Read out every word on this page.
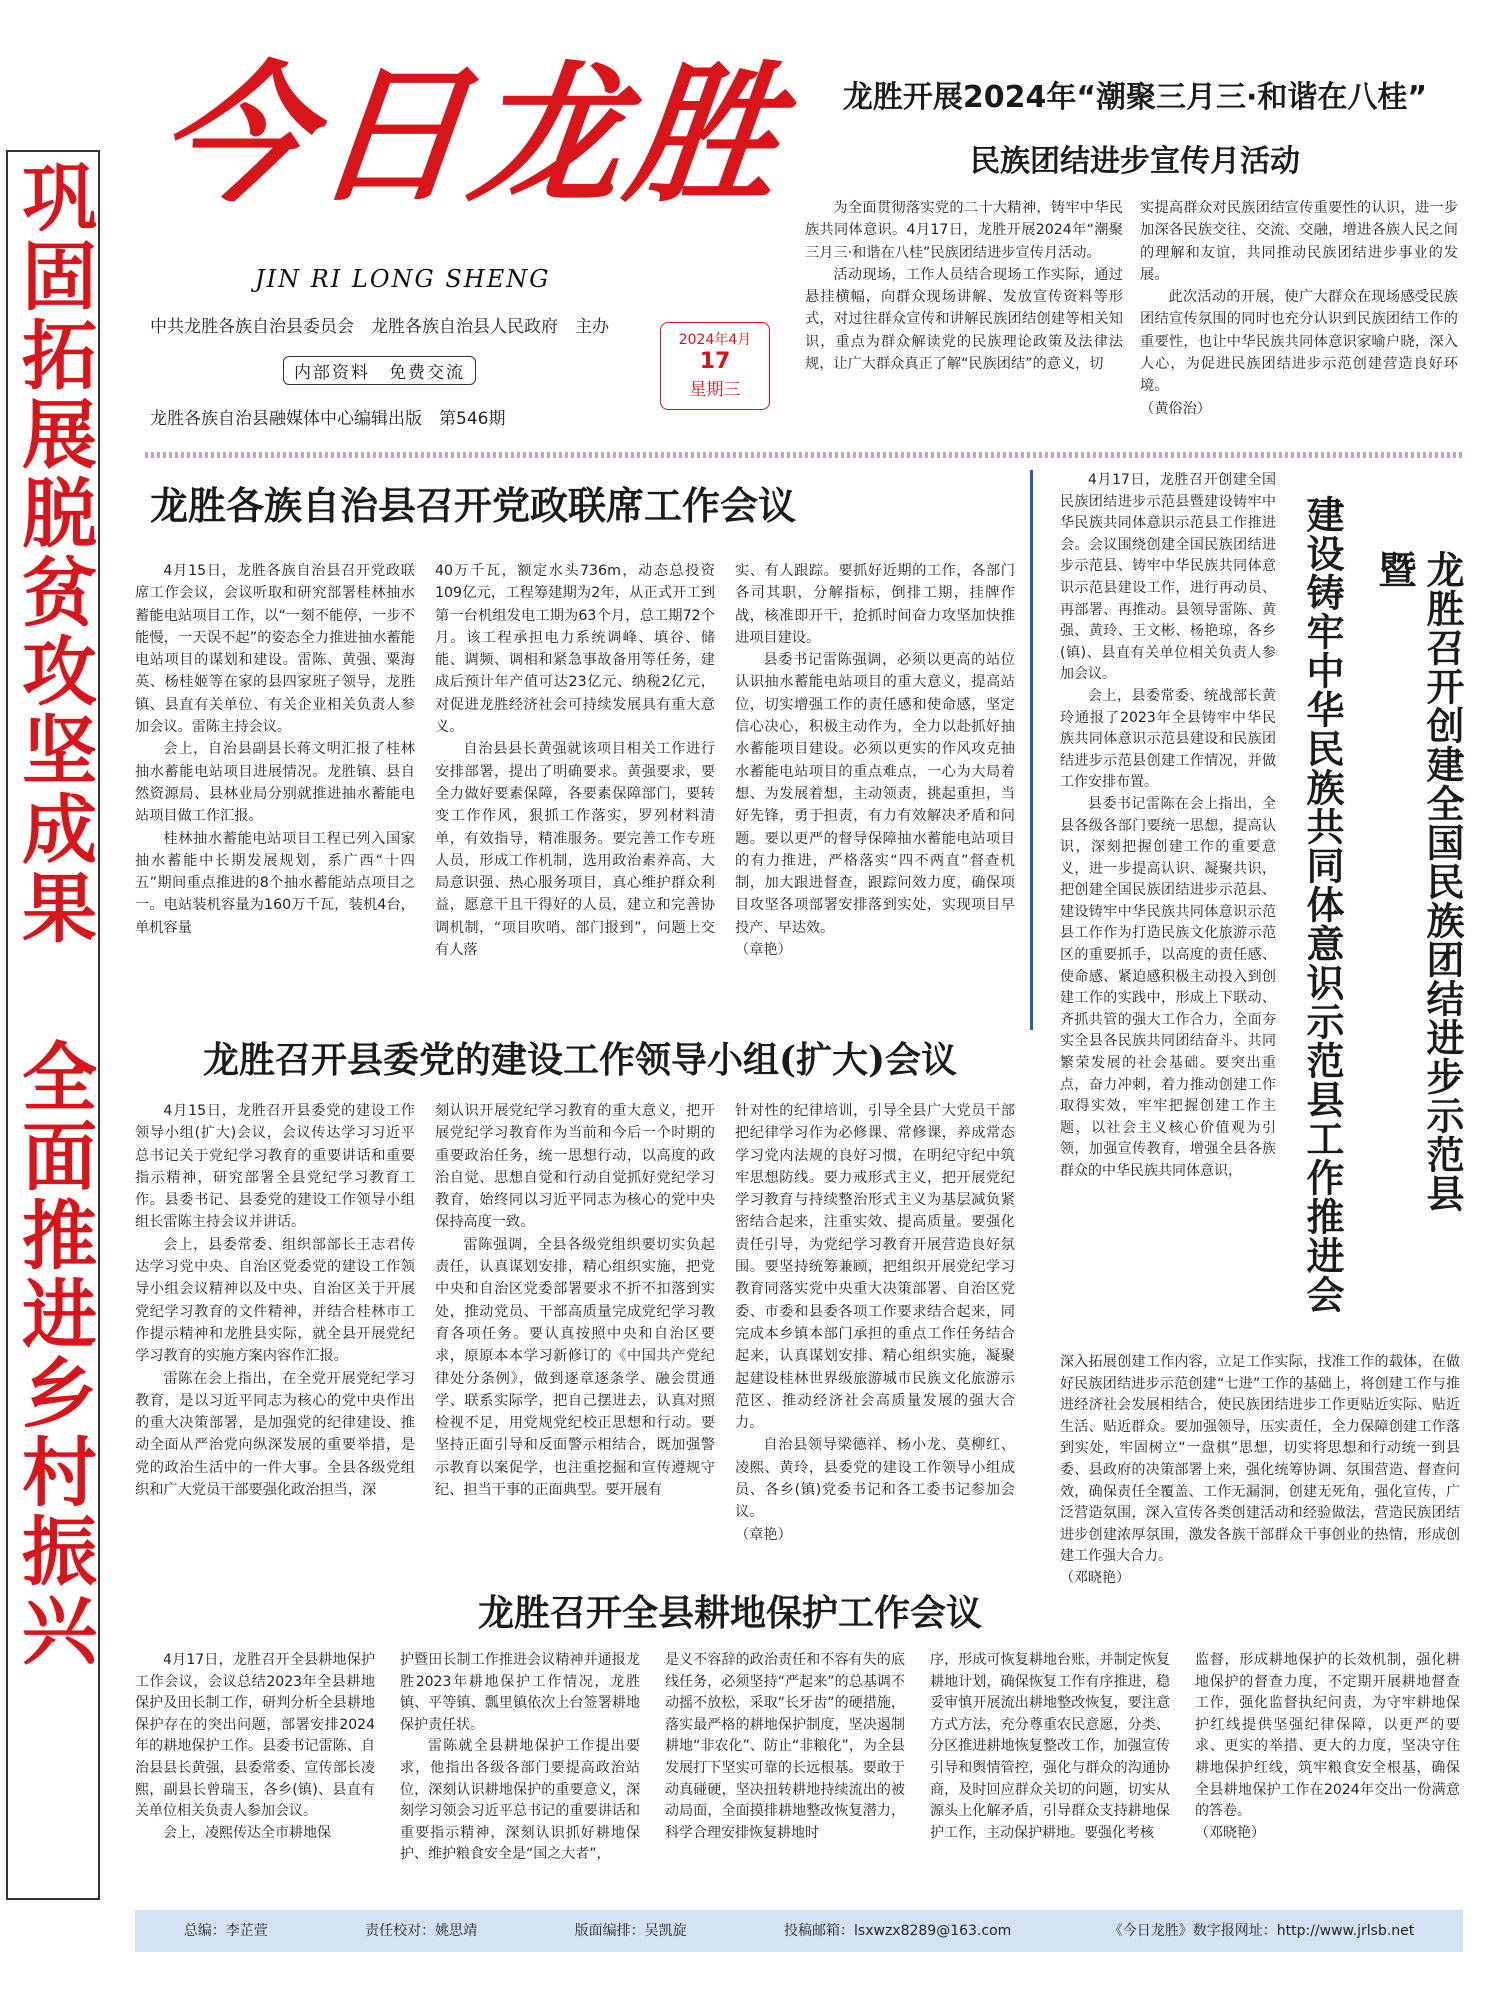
巩固拓展脱贫攻坚成果
全面推进乡村振兴
今日龙胜
JIN RI LONG SHENG
中共龙胜各族自治县委员会　龙胜各族自治县人民政府　主办
内部资料　免费交流
龙胜各族自治县融媒体中心编辑出版　第546期
2024年4月
17
星期三
龙胜开展2024年“潮聚三月三·和谐在八桂”
民族团结进步宣传月活动

为全面贯彻落实党的二十大精神，铸牢中华民族共同体意识。4月17日，龙胜开展2024年“潮聚三月三·和谐在八桂”民族团结进步宣传月活动。

活动现场，工作人员结合现场工作实际，通过悬挂横幅，向群众现场讲解、发放宣传资料等形式，对过往群众宣传和讲解民族团结创建等相关知识，重点为群众解读党的民族理论政策及法律法规，让广大群众真正了解“民族团结”的意义，切

实提高群众对民族团结宣传重要性的认识，进一步加深各民族交往、交流、交融，增进各族人民之间的理解和友谊，共同推动民族团结进步事业的发展。

此次活动的开展，使广大群众在现场感受民族团结宣传氛围的同时也充分认识到民族团结工作的重要性，也让中华民族共同体意识家喻户晓，深入人心，为促进民族团结进步示范创建营造良好环境。

（黄俗治）
龙胜各族自治县召开党政联席工作会议

4月15日，龙胜各族自治县召开党政联席工作会议，会议听取和研究部署桂林抽水蓄能电站项目工作，以“一刻不能停，一步不能慢，一天误不起”的姿态全力推进抽水蓄能电站项目的谋划和建设。雷陈、黄强、粟海英、杨桂姬等在家的县四家班子领导，龙胜镇、县直有关单位、有关企业相关负责人参加会议。雷陈主持会议。

会上，自治县副县长蒋文明汇报了桂林抽水蓄能电站项目进展情况。龙胜镇、县自然资源局、县林业局分别就推进抽水蓄能电站项目做工作汇报。

桂林抽水蓄能电站项目工程已列入国家抽水蓄能中长期发展规划，系广西“十四五”期间重点推进的8个抽水蓄能站点项目之一。电站装机容量为160万千瓦，装机4台，单机容量

40万千瓦，额定水头736m，动态总投资109亿元，工程筹建期为2年，从正式开工到第一台机组发电工期为63个月，总工期72个月。该工程承担电力系统调峰、填谷、储能、调频、调相和紧急事故备用等任务，建成后预计年产值可达23亿元、纳税2亿元，对促进龙胜经济社会可持续发展具有重大意义。

自治县县长黄强就该项目相关工作进行安排部署，提出了明确要求。黄强要求，要全力做好要素保障，各要素保障部门，要转变工作作风，狠抓工作落实，罗列材料清单，有效指导，精准服务。要完善工作专班人员，形成工作机制，选用政治素养高、大局意识强、热心服务项目，真心维护群众利益，愿意干且干得好的人员，建立和完善协调机制，“项目吹哨、部门报到”，问题上交有人落

实、有人跟踪。要抓好近期的工作，各部门各司其职，分解指标，倒排工期，挂牌作战，核准即开干，抢抓时间奋力攻坚加快推进项目建设。

县委书记雷陈强调，必须以更高的站位认识抽水蓄能电站项目的重大意义，提高站位，切实增强工作的责任感和使命感，坚定信心决心，积极主动作为，全力以赴抓好抽水蓄能项目建设。必须以更实的作风攻克抽水蓄能电站项目的重点难点，一心为大局着想、为发展着想，主动领责，挑起重担，当好先锋，勇于担责，有力有效解决矛盾和问题。要以更严的督导保障抽水蓄能电站项目的有力推进，严格落实“四不两直”督查机制，加大跟进督查，跟踪问效力度，确保项目攻坚各项部署安排落到实处，实现项目早投产、早达效。

（章艳）

4月17日，龙胜召开创建全国民族团结进步示范县暨建设铸牢中华民族共同体意识示范县工作推进会。会议围绕创建全国民族团结进步示范县、铸牢中华民族共同体意识示范县建设工作，进行再动员、再部署、再推动。县领导雷陈、黄强、黄玲、王文彬、杨艳琼，各乡(镇)、县直有关单位相关负责人参加会议。

会上，县委常委、统战部长黄玲通报了2023年全县铸牢中华民族共同体意识示范县建设和民族团结进步示范县创建工作情况，并做工作安排布置。

县委书记雷陈在会上指出，全县各级各部门要统一思想，提高认识，深刻把握创建工作的重要意义，进一步提高认识、凝聚共识，把创建全国民族团结进步示范县、建设铸牢中华民族共同体意识示范县工作作为打造民族文化旅游示范区的重要抓手，以高度的责任感、使命感、紧迫感积极主动投入到创建工作的实践中，形成上下联动、齐抓共管的强大工作合力，全面夯实全县各民族共同团结奋斗、共同繁荣发展的社会基础。要突出重点，奋力冲刺，着力推动创建工作取得实效，牢牢把握创建工作主题，以社会主义核心价值观为引领，加强宣传教育，增强全县各族群众的中华民族共同体意识，	建设铸牢中华民族共同体意识示范县工作推进会	龙胜召开创建全国民族团结进步示范县暨

深入拓展创建工作内容，立足工作实际，找准工作的载体，在做好民族团结进步示范创建“七进”工作的基础上，将创建工作与推进经济社会发展相结合，使民族团结进步工作更贴近实际、贴近生活、贴近群众。要加强领导，压实责任，全力保障创建工作落到实处，牢固树立“一盘棋”思想，切实将思想和行动统一到县委、县政府的决策部署上来，强化统筹协调、氛围营造、督查问效，确保责任全覆盖、工作无漏洞，创建无死角，强化宣传，广泛营造氛围，深入宣传各类创建活动和经验做法，营造民族团结进步创建浓厚氛围，激发各族干部群众干事创业的热情，形成创建工作强大合力。

（邓晓艳）
龙胜召开县委党的建设工作领导小组(扩大)会议

4月15日，龙胜召开县委党的建设工作领导小组(扩大)会议，会议传达学习习近平总书记关于党纪学习教育的重要讲话和重要指示精神，研究部署全县党纪学习教育工作。县委书记、县委党的建设工作领导小组组长雷陈主持会议并讲话。

会上，县委常委、组织部部长王志君传达学习党中央、自治区党委党的建设工作领导小组会议精神以及中央、自治区关于开展党纪学习教育的文件精神，并结合桂林市工作提示精神和龙胜县实际，就全县开展党纪学习教育的实施方案内容作汇报。

雷陈在会上指出，在全党开展党纪学习教育，是以习近平同志为核心的党中央作出的重大决策部署，是加强党的纪律建设、推动全面从严治党向纵深发展的重要举措，是党的政治生活中的一件大事。全县各级党组织和广大党员干部要强化政治担当，深

刻认识开展党纪学习教育的重大意义，把开展党纪学习教育作为当前和今后一个时期的重要政治任务，统一思想行动，以高度的政治自觉、思想自觉和行动自觉抓好党纪学习教育，始终同以习近平同志为核心的党中央保持高度一致。

雷陈强调，全县各级党组织要切实负起责任，认真谋划安排，精心组织实施，把党中央和自治区党委部署要求不折不扣落到实处，推动党员、干部高质量完成党纪学习教育各项任务。要认真按照中央和自治区要求，原原本本学习新修订的《中国共产党纪律处分条例》，做到逐章逐条学、融会贯通学、联系实际学，把自己摆进去，认真对照检视不足，用党规党纪校正思想和行动。要坚持正面引导和反面警示相结合，既加强警示教育以案促学，也注重挖掘和宣传遵规守纪、担当干事的正面典型。要开展有

针对性的纪律培训，引导全县广大党员干部把纪律学习作为必修课、常修课，养成常态学习党内法规的良好习惯，在明纪守纪中筑牢思想防线。要力戒形式主义，把开展党纪学习教育与持续整治形式主义为基层减负紧密结合起来，注重实效、提高质量。要强化责任引导，为党纪学习教育开展营造良好氛围。要坚持统筹兼顾，把组织开展党纪学习教育同落实党中央重大决策部署、自治区党委、市委和县委各项工作要求结合起来，同完成本乡镇本部门承担的重点工作任务结合起来，认真谋划安排、精心组织实施，凝聚起建设桂林世界级旅游城市民族文化旅游示范区、推动经济社会高质量发展的强大合力。

自治县领导梁德祥、杨小龙、莫柳红、凌熙、黄玲，县委党的建设工作领导小组成员、各乡(镇)党委书记和各工委书记参加会议。

（章艳）
龙胜召开全县耕地保护工作会议

4月17日，龙胜召开全县耕地保护工作会议，会议总结2023年全县耕地保护及田长制工作，研判分析全县耕地保护存在的突出问题，部署安排2024年的耕地保护工作。县委书记雷陈、自治县县长黄强，县委常委、宣传部长凌熙，副县长曾瑞玉，各乡(镇)、县直有关单位相关负责人参加会议。

会上，凌熙传达全市耕地保

护暨田长制工作推进会议精神并通报龙胜2023年耕地保护工作情况，龙胜镇、平等镇、瓢里镇依次上台签署耕地保护责任状。

雷陈就全县耕地保护工作提出要求，他指出各级各部门要提高政治站位，深刻认识耕地保护的重要意义，深刻学习领会习近平总书记的重要讲话和重要指示精神，深刻认识抓好耕地保护、维护粮食安全是“国之大者”，

是义不容辞的政治责任和不容有失的底线任务，必须坚持“严起来”的总基调不动摇不放松，采取“长牙齿”的硬措施，落实最严格的耕地保护制度，坚决遏制耕地“非农化”、防止“非粮化”，为全县发展打下坚实可靠的长远根基。要敢于动真碰硬，坚决扭转耕地持续流出的被动局面，全面摸排耕地整改恢复潜力，科学合理安排恢复耕地时

序，形成可恢复耕地台账，并制定恢复耕地计划，确保恢复工作有序推进，稳妥审慎开展流出耕地整改恢复，要注意方式方法，充分尊重农民意愿，分类、分区推进耕地恢复整改工作，加强宣传引导和舆情管控，强化与群众的沟通协商，及时回应群众关切的问题，切实从源头上化解矛盾，引导群众支持耕地保护工作，主动保护耕地。要强化考核

监督，形成耕地保护的长效机制，强化耕地保护的督查力度，不定期开展耕地督查工作，强化监督执纪问责，为守牢耕地保护红线提供坚强纪律保障，以更严的要求、更实的举措、更大的力度，坚决守住耕地保护红线，筑牢粮食安全根基，确保全县耕地保护工作在2024年交出一份满意的答卷。

（邓晓艳）
总编：李芷萱	责任校对：姚思靖	版面编排：吴凯旋	投稿邮箱：lsxwzx8289@163.com	《今日龙胜》数字报网址：http://www.jrlsb.net
